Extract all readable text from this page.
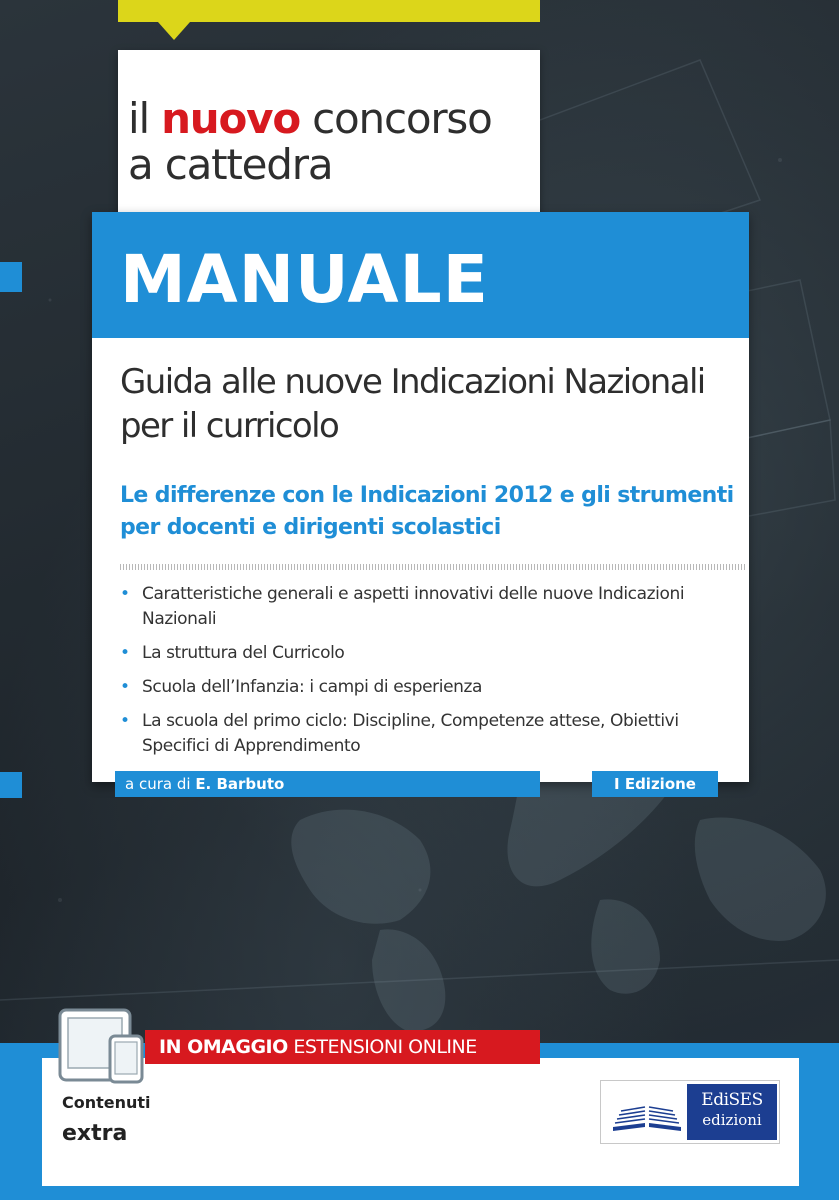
il nuovo concorso
a cattedra
MANUALE
Guida alle nuove Indicazioni Nazionali per il curricolo
Le differenze con le Indicazioni 2012 e gli strumenti per docenti e dirigenti scolastici
• Caratteristiche generali e aspetti innovativi delle nuove Indicazioni Nazionali
• La struttura del Curricolo
• Scuola dell’Infanzia: i campi di esperienza
• La scuola del primo ciclo: Discipline, Competenze attese, Obiettivi Specifici di Apprendimento
a cura di E. Barbuto	I Edizione
IN OMAGGIO ESTENSIONI ONLINE
Contenuti
extra
EdiSES
edizioni
